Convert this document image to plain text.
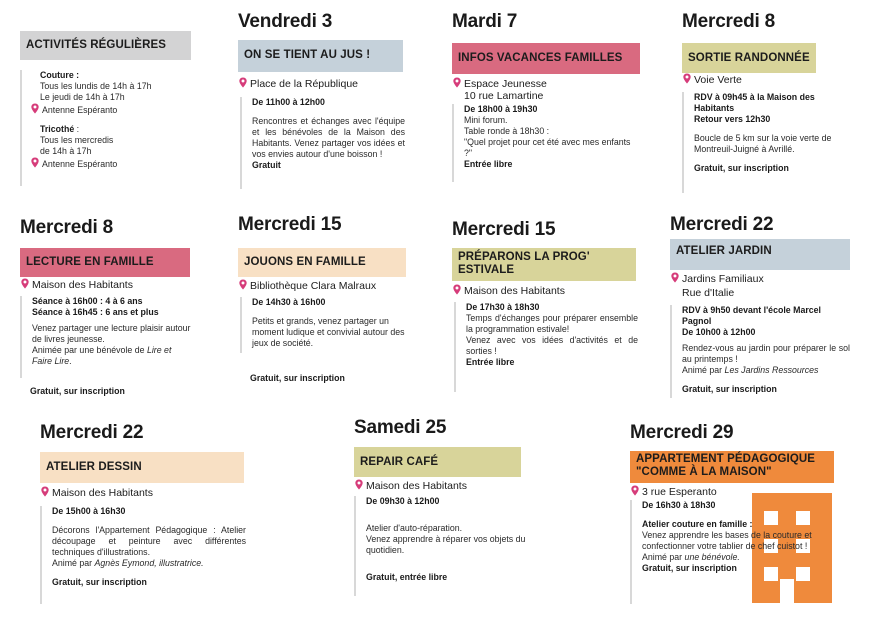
ACTIVITÉS RÉGULIÈRES
Couture :
Tous les lundis de 14h à 17h
Le jeudi de 14h à 17h
Antenne Espéranto
Tricothé :
Tous les mercredis
de 14h à 17h
Antenne Espéranto
Vendredi 3
ON SE TIENT AU JUS !
Place de la République
De 11h00 à 12h00
Rencontres et échanges avec l'équipe et les bénévoles de la Maison des Habitants. Venez partager vos idées et vos envies autour d'une boisson !
Gratuit
Mardi 7
INFOS VACANCES FAMILLES
Espace Jeunesse
10 rue Lamartine
De 18h00 à 19h30
Mini forum.
Table ronde à 18h30 :
"Quel projet pour cet été avec mes enfants ?"
Entrée libre
Mercredi 8
SORTIE RANDONNÉE
Voie Verte
RDV à 09h45 à la Maison des Habitants
Retour vers 12h30
Boucle de 5 km sur la voie verte de Montreuil-Juigné à Avrillé.
Gratuit, sur inscription
Mercredi 8
LECTURE EN FAMILLE
Maison des Habitants
Séance à 16h00 : 4 à 6 ans
Séance à 16h45 : 6 ans et plus
Venez partager une lecture plaisir autour de livres jeunesse.
Animée par une bénévole de Lire et Faire Lire.
Gratuit, sur inscription
Mercredi 15
JOUONS EN FAMILLE
Bibliothèque Clara Malraux
De 14h30 à 16h00
Petits et grands, venez partager un moment ludique et convivial autour des jeux de société.
Gratuit, sur inscription
Mercredi 15
PRÉPARONS LA PROG' ESTIVALE
Maison des Habitants
De 17h30 à 18h30
Temps d'échanges pour préparer ensemble la programmation estivale!
Venez avec vos idées d'activités et de sorties !
Entrée libre
Mercredi 22
ATELIER JARDIN
Jardins Familiaux
Rue d'Italie
RDV à 9h50 devant l'école Marcel Pagnol
De 10h00 à 12h00
Rendez-vous au jardin pour préparer le sol au printemps !
Animé par Les Jardins Ressources
Gratuit, sur inscription
Mercredi 22
ATELIER DESSIN
Maison des Habitants
De 15h00 à 16h30
Décorons l'Appartement Pédagogique : Atelier découpage et peinture avec différentes techniques d'illustrations.
Animé par Agnès Eymond, illustratrice.
Gratuit, sur inscription
Samedi 25
REPAIR CAFÉ
Maison des Habitants
De 09h30 à 12h00
Atelier d'auto-réparation.
Venez apprendre à réparer vos objets du quotidien.
Gratuit, entrée libre
Mercredi 29
APPARTEMENT PÉDAGOGIQUE "COMME À LA MAISON"
3 rue Esperanto
De 16h30 à 18h30
Atelier couture en famille :
Venez apprendre les bases de la couture et confectionner votre tablier de chef cuistot !
Animé par une bénévole.
Gratuit, sur inscription
